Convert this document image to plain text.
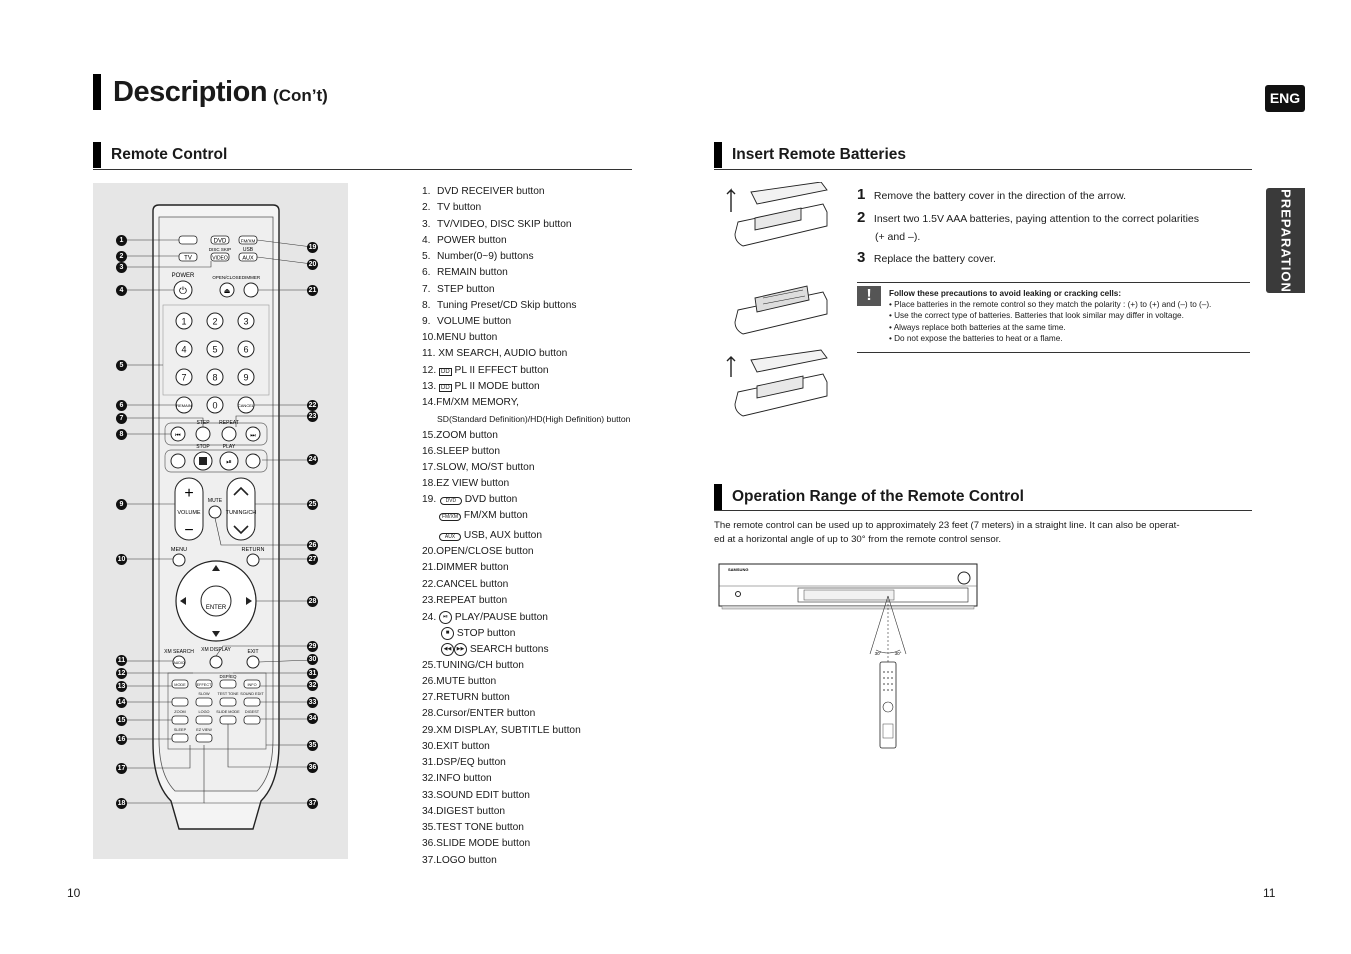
Description (Con’t)	ENG
PREPARATION
Remote Control	Insert Remote Batteries
Operation Range of the Remote Control
DVD	FM/XM
TV
DISC SKIP
VIDEO
USB
AUX
POWER
⏻
OPEN/CLOSE
⏏
DIMMER
1	2	3
4	5	6
7	8	9
0
REMAIN	CANCEL
STEP REPEAT
⏮	⏭
STOP	PLAY
⏯
+
−
VOLUME	TUNING/CH
MUTE
MENU	RETURN
ENTER
XM SEARCH
AUDIO
XM DISPLAY	EXIT
DSP/EQ
MODE	EFFECT	INFO
SLOW TEST TONE SOUND EDIT
ZOOM	LOGO SLIDE MODE DIGEST
SLEEP	EZ VIEW
1
2
3
4
5
6
7
8
9
10
11
12
13
14
15
16
17
18
19
20
21
22
23
24
25
26
27
28
29
30
31
32
33
34
35
36
37
1. DVD RECEIVER button
2. TV button
3. TV/VIDEO, DISC SKIP button
4. POWER button
5. Number(0~9) buttons
6. REMAIN button
7. STEP button
8. Tuning Preset/CD Skip buttons
9. VOLUME button
10.MENU button
11. XM SEARCH, AUDIO button
12. DD PL II EFFECT button
13. DD PL II MODE button
14.FM/XM MEMORY,
SD(Standard Definition)/HD(High Definition) button
15.ZOOM button
16.SLEEP button
17.SLOW, MO/ST button
18.EZ VIEW button
19. DVD DVD button
FM/XM FM/XM button
AUX USB, AUX button
20.OPEN/CLOSE button
21.DIMMER button
22.CANCEL button
23.REPEAT button
24. ⏯ PLAY/PAUSE button
■ STOP button
◀◀ ▶▶ SEARCH buttons
25.TUNING/CH button
26.MUTE button
27.RETURN button
28.Cursor/ENTER button
29.XM DISPLAY, SUBTITLE button
30.EXIT button
31.DSP/EQ button
32.INFO button
33.SOUND EDIT button
34.DIGEST button
35.TEST TONE button
36.SLIDE MODE button
37.LOGO button
1 Remove the battery cover in the direction of the arrow.
2 Insert two 1.5V AAA batteries, paying attention to the correct polarities
(+ and –).
3 Replace the battery cover.
!	Follow these precautions to avoid leaking or cracking cells:
• Place batteries in the remote control so they match the polarity : (+) to (+) and (–) to (–).
• Use the correct type of batteries. Batteries that look similar may differ in voltage.
• Always replace both batteries at the same time.
• Do not expose the batteries to heat or a flame.
The remote control can be used up to approximately 23 feet (7 meters) in a straight line. It can also be operat-
ed at a horizontal angle of up to 30° from the remote control sensor.
SAMSUNG
30°	30°
10	11
